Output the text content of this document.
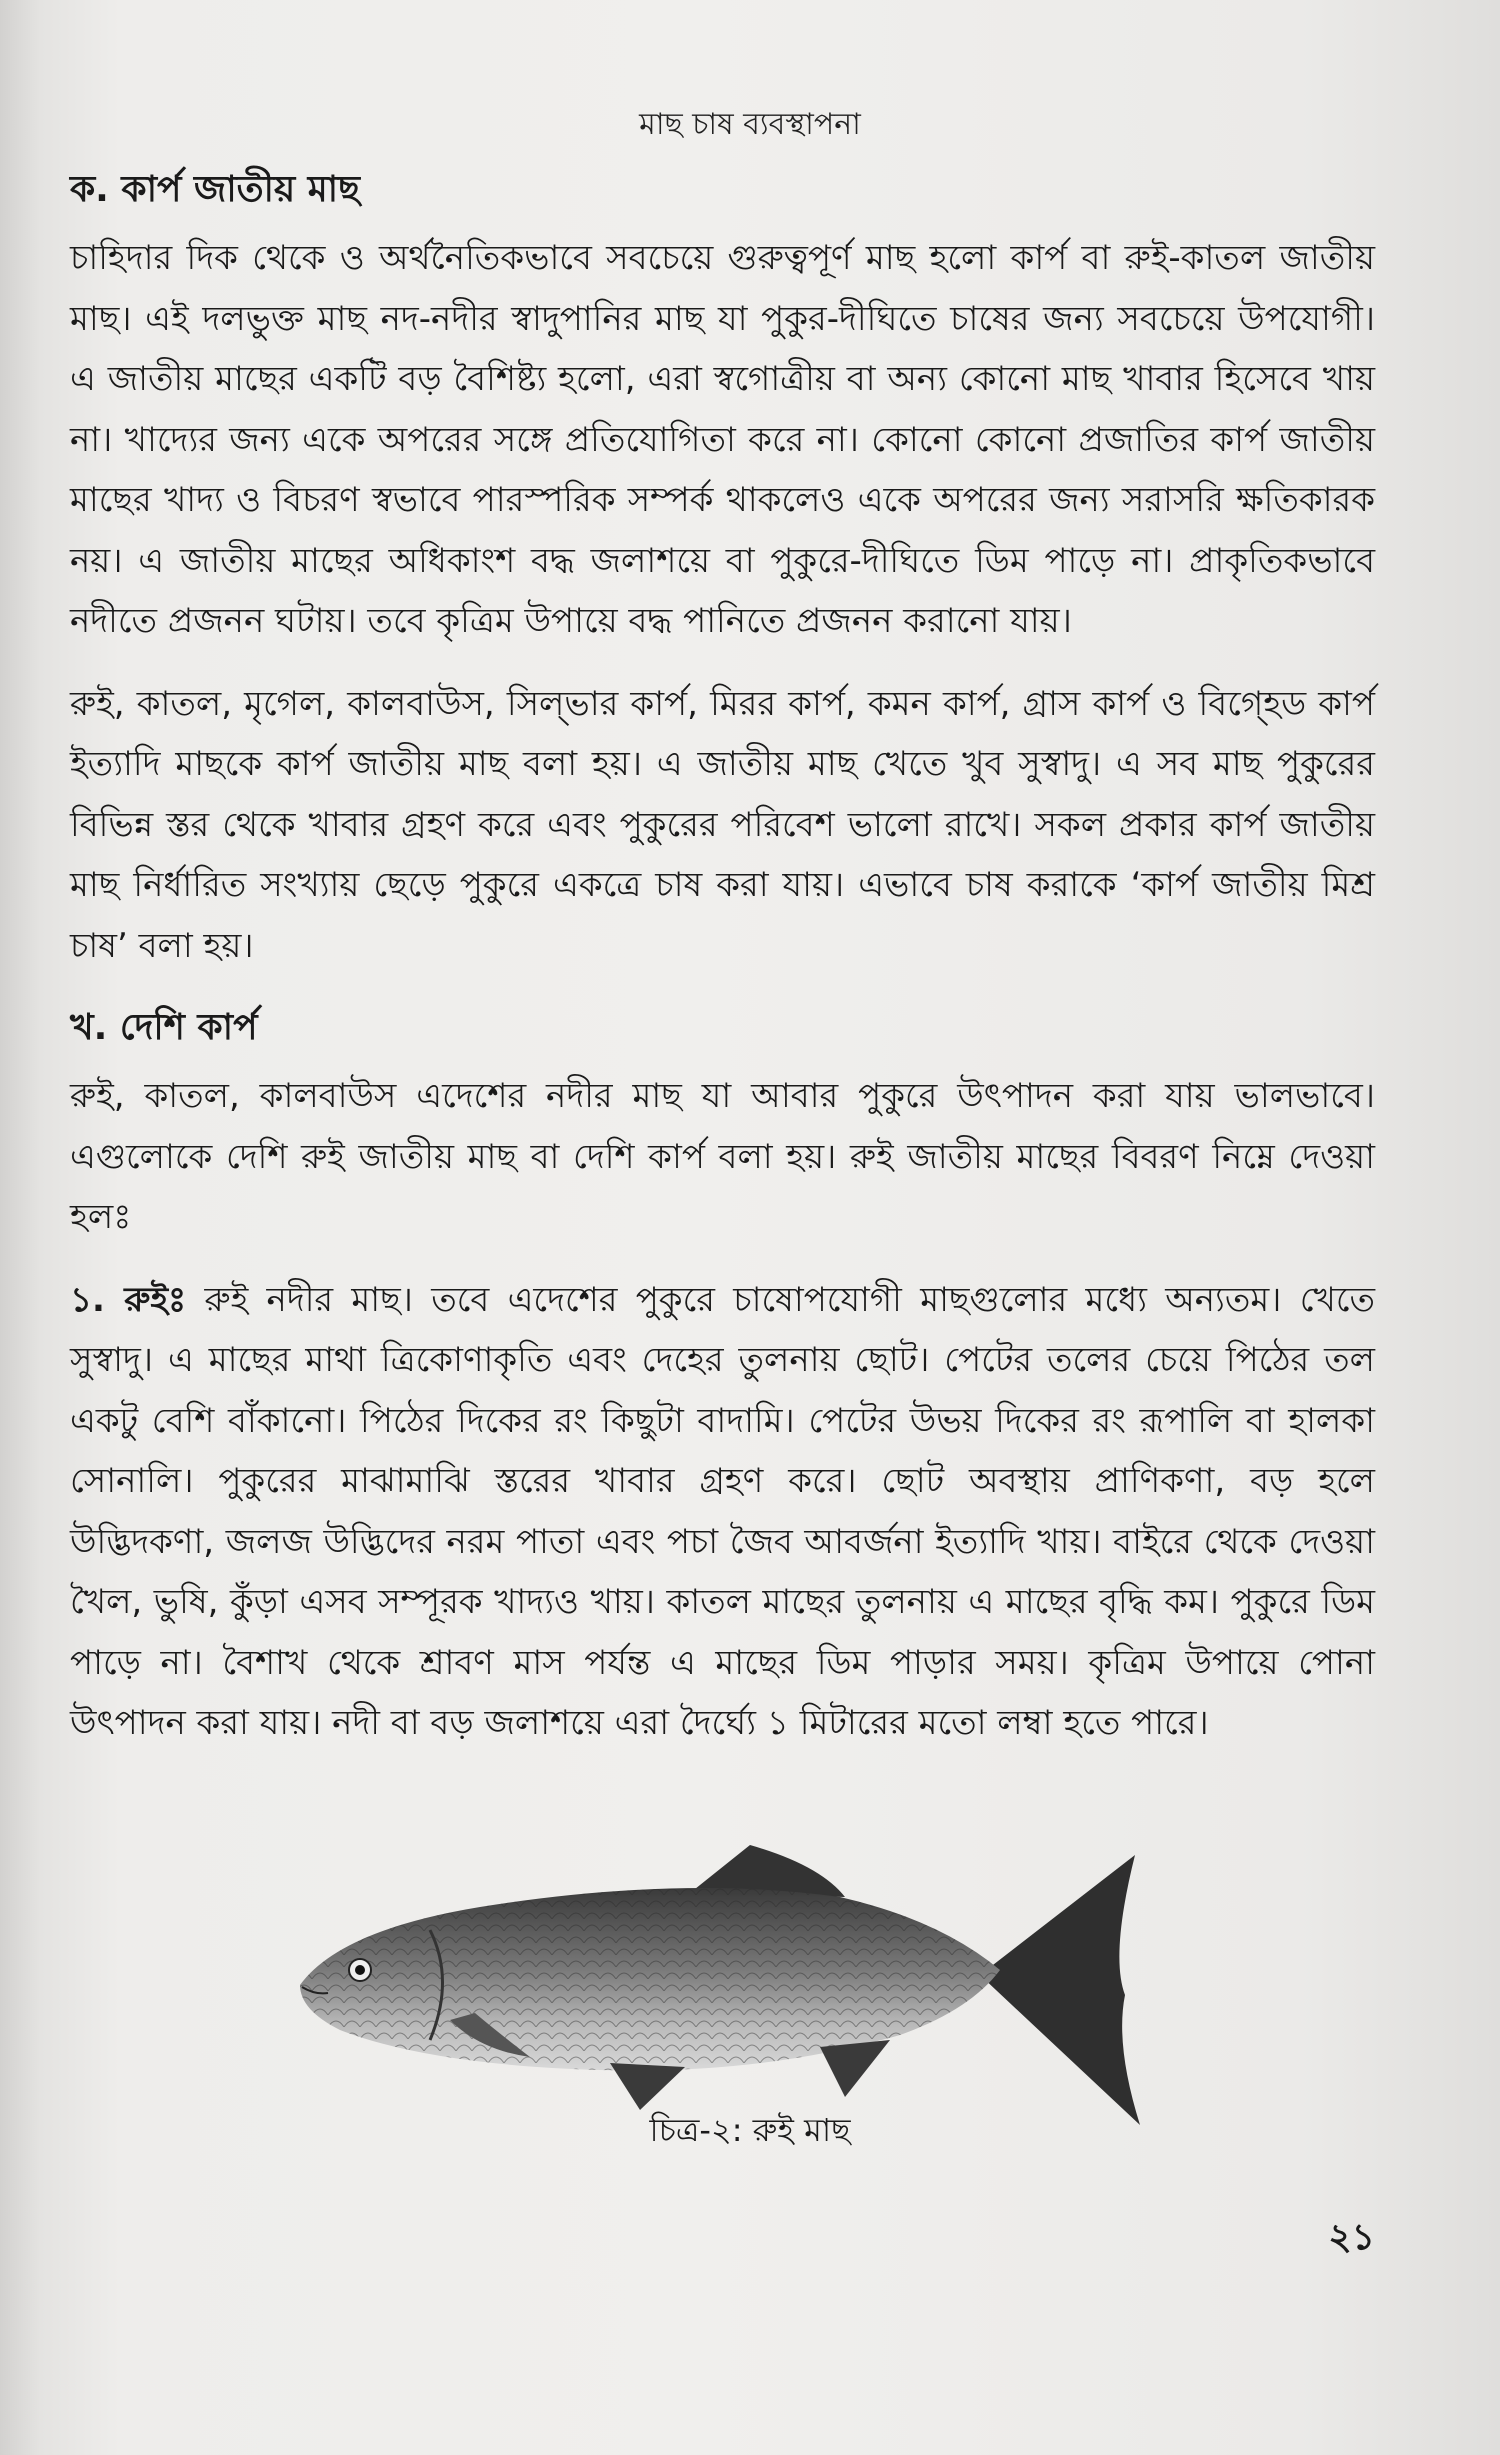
মাছ চাষ ব্যবস্থাপনা
ক. কার্প জাতীয় মাছ

চাহিদার দিক থেকে ও অর্থনৈতিকভাবে সবচেয়ে গুরুত্বপূর্ণ মাছ হলো কার্প বা রুই-কাতল জাতীয় মাছ। এই দলভুক্ত মাছ নদ-নদীর স্বাদুপানির মাছ যা পুকুর-দীঘিতে চাষের জন্য সবচেয়ে উপযোগী। এ জাতীয় মাছের একটি বড় বৈশিষ্ট্য হলো, এরা স্বগোত্রীয় বা অন্য কোনো মাছ খাবার হিসেবে খায় না। খাদ্যের জন্য একে অপরের সঙ্গে প্রতিযোগিতা করে না। কোনো কোনো প্রজাতির কার্প জাতীয় মাছের খাদ্য ও বিচরণ স্বভাবে পারস্পরিক সম্পর্ক থাকলেও একে অপরের জন্য সরাসরি ক্ষতিকারক নয়। এ জাতীয় মাছের অধিকাংশ বদ্ধ জলাশয়ে বা পুকুরে-দীঘিতে ডিম পাড়ে না। প্রাকৃতিকভাবে নদীতে প্রজনন ঘটায়। তবে কৃত্রিম উপায়ে বদ্ধ পানিতে প্রজনন করানো যায়।

রুই, কাতল, মৃগেল, কালবাউস, সিল্ভার কার্প, মিরর কার্প, কমন কার্প, গ্রাস কার্প ও বিগ্হেড কার্প ইত্যাদি মাছকে কার্প জাতীয় মাছ বলা হয়। এ জাতীয় মাছ খেতে খুব সুস্বাদু। এ সব মাছ পুকুরের বিভিন্ন স্তর থেকে খাবার গ্রহণ করে এবং পুকুরের পরিবেশ ভালো রাখে। সকল প্রকার কার্প জাতীয় মাছ নির্ধারিত সংখ্যায় ছেড়ে পুকুরে একত্রে চাষ করা যায়। এভাবে চাষ করাকে ‘কার্প জাতীয় মিশ্র চাষ’ বলা হয়।

খ. দেশি কার্প

রুই, কাতল, কালবাউস এদেশের নদীর মাছ যা আবার পুকুরে উৎপাদন করা যায় ভালভাবে। এগুলোকে দেশি রুই জাতীয় মাছ বা দেশি কার্প বলা হয়। রুই জাতীয় মাছের বিবরণ নিম্নে দেওয়া হলঃ

১. রুইঃ রুই নদীর মাছ। তবে এদেশের পুকুরে চাষোপযোগী মাছগুলোর মধ্যে অন্যতম। খেতে সুস্বাদু। এ মাছের মাথা ত্রিকোণাকৃতি এবং দেহের তুলনায় ছোট। পেটের তলের চেয়ে পিঠের তল একটু বেশি বাঁকানো। পিঠের দিকের রং কিছুটা বাদামি। পেটের উভয় দিকের রং রূপালি বা হালকা সোনালি। পুকুরের মাঝামাঝি স্তরের খাবার গ্রহণ করে। ছোট অবস্থায় প্রাণিকণা, বড় হলে উদ্ভিদকণা, জলজ উদ্ভিদের নরম পাতা এবং পচা জৈব আবর্জনা ইত্যাদি খায়। বাইরে থেকে দেওয়া খৈল, ভুষি, কুঁড়া এসব সম্পূরক খাদ্যও খায়। কাতল মাছের তুলনায় এ মাছের বৃদ্ধি কম। পুকুরে ডিম পাড়ে না। বৈশাখ থেকে শ্রাবণ মাস পর্যন্ত এ মাছের ডিম পাড়ার সময়। কৃত্রিম উপায়ে পোনা উৎপাদন করা যায়। নদী বা বড় জলাশয়ে এরা দৈর্ঘ্যে ১ মিটারের মতো লম্বা হতে পারে।

চিত্র-২: রুই মাছ
২১
